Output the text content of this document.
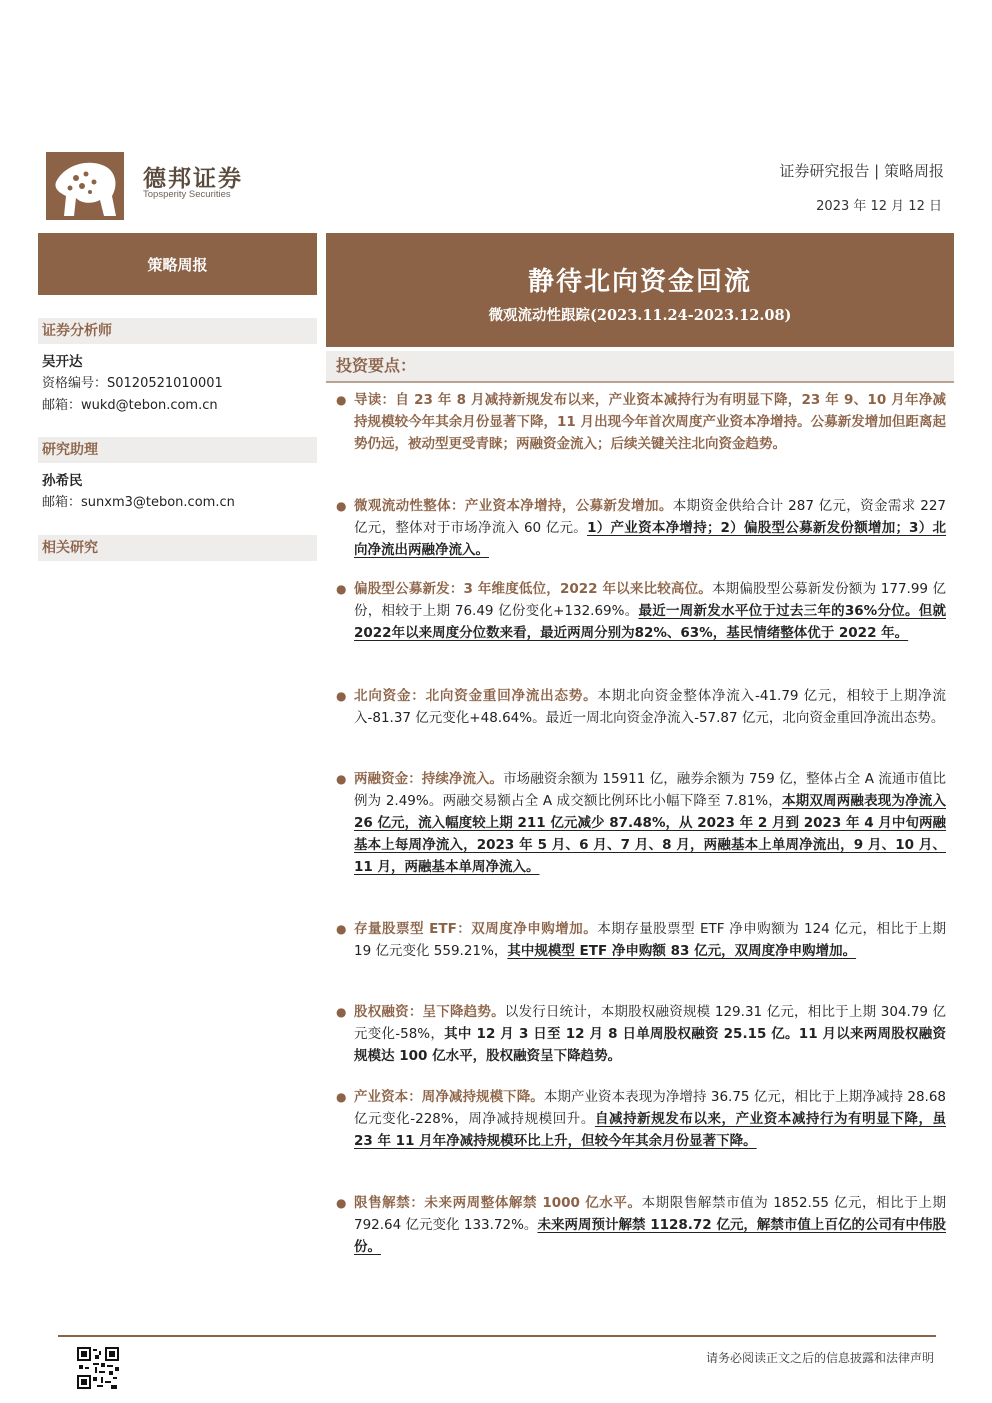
德邦证券
Topsperity Securities
证券研究报告 | 策略周报
2023 年 12 月 12 日
策略周报
证券分析师
吴开达
资格编号：S0120521010001
邮箱：wukd@tebon.com.cn
研究助理
孙希民
邮箱：sunxm3@tebon.com.cn
相关研究
静待北向资金回流
微观流动性跟踪(2023.11.24-2023.12.08)
投资要点：
● 导读：自 23 年 8 月减持新规发布以来，产业资本减持行为有明显下降，23 年 9、10 月年净减持规模较今年其余月份显著下降，11 月出现今年首次周度产业资本净增持。公募新发增加但距离起势仍远，被动型更受青睐；两融资金流入；后续关键关注北向资金趋势。
● 微观流动性整体：产业资本净增持，公募新发增加。本期资金供给合计 287 亿元，资金需求 227 亿元，整体对于市场净流入 60 亿元。1）产业资本净增持；2）偏股型公募新发份额增加；3）北向净流出两融净流入。
● 偏股型公募新发：3 年维度低位，2022 年以来比较高位。本期偏股型公募新发份额为 177.99 亿份，相较于上期 76.49 亿份变化+132.69%。最近一周新发水平位于过去三年的36%分位。但就2022年以来周度分位数来看，最近两周分别为82%、63%，基民情绪整体优于 2022 年。
● 北向资金：北向资金重回净流出态势。本期北向资金整体净流入-41.79 亿元，相较于上期净流入-81.37 亿元变化+48.64%。最近一周北向资金净流入-57.87 亿元，北向资金重回净流出态势。
● 两融资金：持续净流入。市场融资余额为 15911 亿，融券余额为 759 亿，整体占全 A 流通市值比例为 2.49%。两融交易额占全 A 成交额比例环比小幅下降至 7.81%，本期双周两融表现为净流入 26 亿元，流入幅度较上期 211 亿元减少 87.48%，从 2023 年 2 月到 2023 年 4 月中旬两融基本上每周净流入，2023 年 5 月、6 月、7 月、8 月，两融基本上单周净流出，9 月、10 月、11 月，两融基本单周净流入。
● 存量股票型 ETF：双周度净申购增加。本期存量股票型 ETF 净申购额为 124 亿元，相比于上期 19 亿元变化 559.21%，其中规模型 ETF 净申购额 83 亿元，双周度净申购增加。
● 股权融资：呈下降趋势。以发行日统计，本期股权融资规模 129.31 亿元，相比于上期 304.79 亿元变化-58%，其中 12 月 3 日至 12 月 8 日单周股权融资 25.15 亿。11 月以来两周股权融资规模达 100 亿水平，股权融资呈下降趋势。
● 产业资本：周净减持规模下降。本期产业资本表现为净增持 36.75 亿元，相比于上期净减持 28.68 亿元变化-228%，周净减持规模回升。自减持新规发布以来，产业资本减持行为有明显下降，虽 23 年 11 月年净减持规模环比上升，但较今年其余月份显著下降。
● 限售解禁：未来两周整体解禁 1000 亿水平。本期限售解禁市值为 1852.55 亿元，相比于上期 792.64 亿元变化 133.72%。未来两周预计解禁 1128.72 亿元，解禁市值上百亿的公司有中伟股份。
请务必阅读正文之后的信息披露和法律声明
